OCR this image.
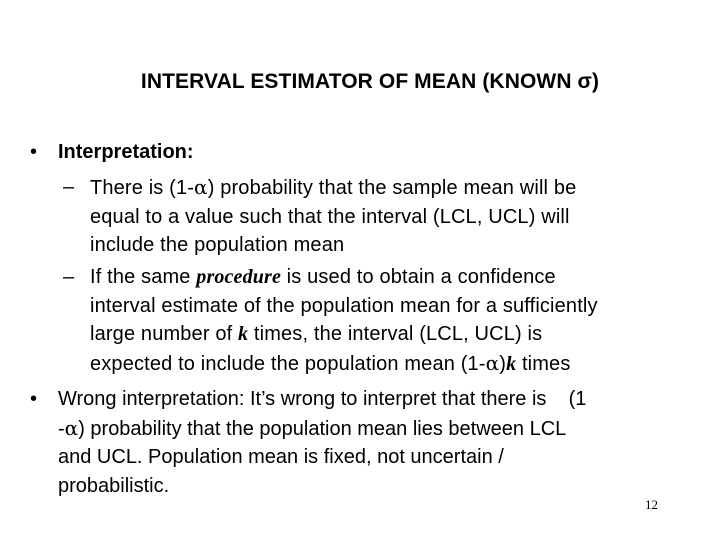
INTERVAL ESTIMATOR OF MEAN (KNOWN σ)
• Interpretation:
– There is (1-α) probability that the sample mean will be
equal to a value such that the interval (LCL, UCL) will
include the population mean
– If the same procedure is used to obtain a confidence
interval estimate of the population mean for a sufficiently
large number of k times, the interval (LCL, UCL) is
expected to include the population mean (1-α)k times
• Wrong interpretation: It’s wrong to interpret that there is    (1
-α) probability that the population mean lies between LCL
and UCL. Population mean is fixed, not uncertain /
probabilistic.
12
